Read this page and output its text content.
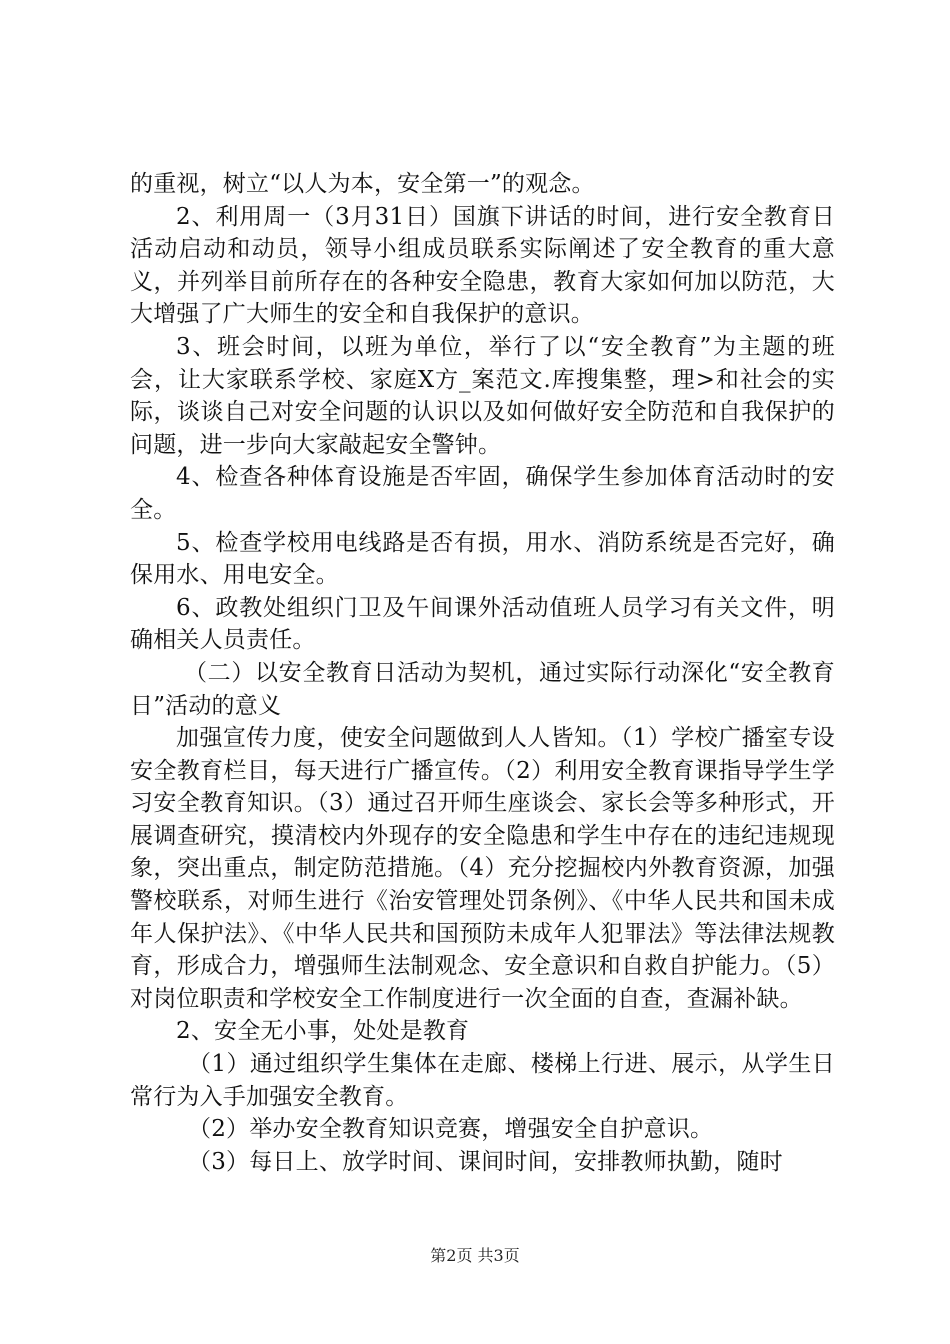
的重视，树立“以人为本，安全第一”的观念。

2、利用周一（3月31日）国旗下讲话的时间，进行安全教育日活动启动和动员，领导小组成员联系实际阐述了安全教育的重大意义，并列举目前所存在的各种安全隐患，教育大家如何加以防范，大大增强了广大师生的安全和自我保护的意识。

3、班会时间，以班为单位，举行了以“安全教育”为主题的班会，让大家联系学校、家庭X方_案范文.库搜集整，理>和社会的实际，谈谈自己对安全问题的认识以及如何做好安全防范和自我保护的问题，进一步向大家敲起安全警钟。

4、检查各种体育设施是否牢固，确保学生参加体育活动时的安全。

5、检查学校用电线路是否有损，用水、消防系统是否完好，确保用水、用电安全。

6、政教处组织门卫及午间课外活动值班人员学习有关文件，明确相关人员责任。

（二）以安全教育日活动为契机，通过实际行动深化“安全教育日”活动的意义

加强宣传力度，使安全问题做到人人皆知。（1）学校广播室专设安全教育栏目，每天进行广播宣传。（2）利用安全教育课指导学生学习安全教育知识。（3）通过召开师生座谈会、家长会等多种形式，开展调查研究，摸清校内外现存的安全隐患和学生中存在的违纪违规现象，突出重点，制定防范措施。（4）充分挖掘校内外教育资源，加强警校联系，对师生进行《治安管理处罚条例》、《中华人民共和国未成年人保护法》、《中华人民共和国预防未成年人犯罪法》等法律法规教育，形成合力，增强师生法制观念、安全意识和自救自护能力。（5）对岗位职责和学校安全工作制度进行一次全面的自查，查漏补缺。

2、安全无小事，处处是教育

（1）通过组织学生集体在走廊、楼梯上行进、展示，从学生日常行为入手加强安全教育。

（2）举办安全教育知识竞赛，增强安全自护意识。

（3）每日上、放学时间、课间时间，安排教师执勤，随时

第2页 共3页
